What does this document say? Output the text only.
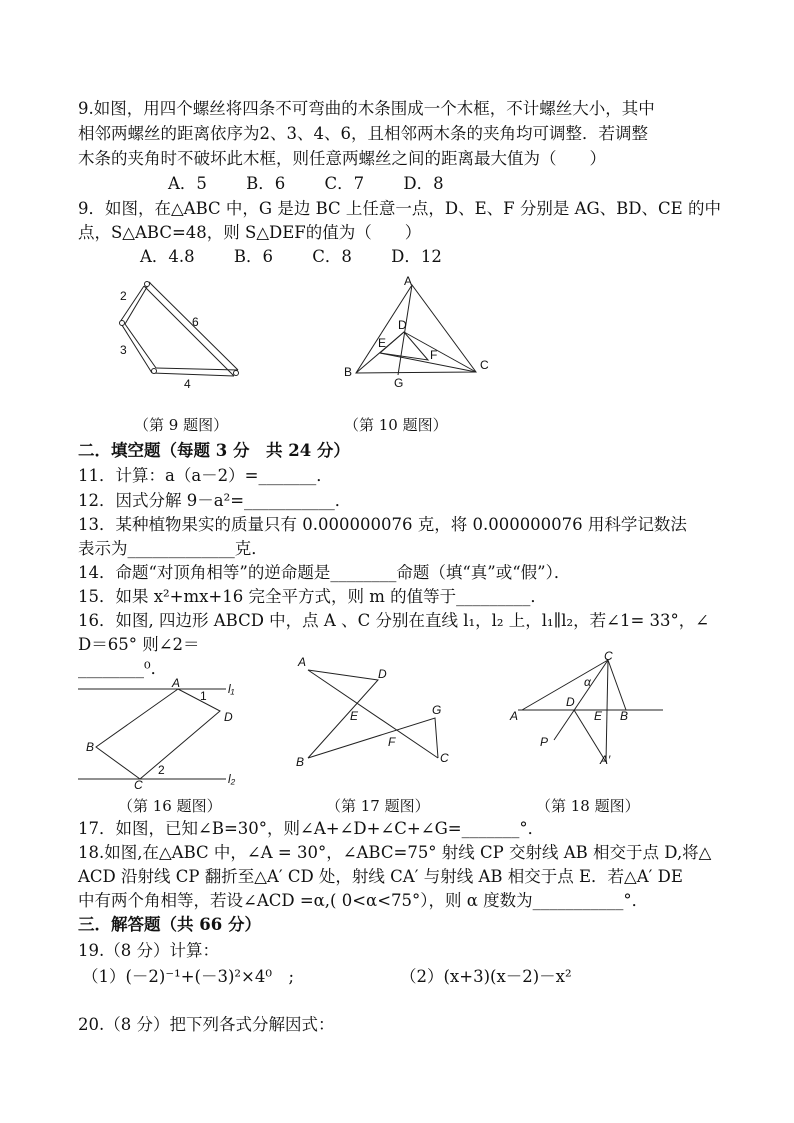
9.如图，用四个螺丝将四条不可弯曲的木条围成一个木框，不计螺丝大小，其中
相邻两螺丝的距离依序为2、3、4、6，且相邻两木条的夹角均可调整．若调整
木条的夹角时不破坏此木框，则任意两螺丝之间的距离最大值为（　　）
A．5 B．6 C．7 D．8
9．如图，在△ABC 中，G 是边 BC 上任意一点，D、E、F 分别是 AG、BD、CE 的中
点，S△ABC=48，则 S△DEF的值为（　　）
A．4.8 B．6 C．8 D．12
2
6
3
4
（第 9 题图）
A
D
E
F
B
G
C
（第 10 题图）
二．填空题（每题 3 分　共 24 分）
11．计算：a（a－2）=_______．
12．因式分解 9－a²=___________．
13．某种植物果实的质量只有 0.000000076 克，将 0.000000076 用科学记数法
表示为_____________克．
14．命题“对顶角相等”的逆命题是________命题（填“真”或“假”）．
15．如果 x²+mx+16 完全平方式，则 m 的值等于_________．
16．如图, 四边形 ABCD 中，点 A 、C 分别在直线 l₁，l₂ 上，l₁∥l₂，若∠1= 33°，∠
D＝65° 则∠2＝
________⁰．
A
1 l₁
D
B
C
2
l₂
（第 16 题图）
A
D
E	G
F
B	C
（第 17 题图）
C
α
D
E
A	B
P
A′
（第 18 题图）
17．如图，已知∠B=30°，则∠A+∠D+∠C+∠G=_______°．
18.如图,在△ABC 中，∠A = 30°，∠ABC=75° 射线 CP 交射线 AB 相交于点 D,将△
ACD 沿射线 CP 翻折至△A′ CD 处，射线 CA′ 与射线 AB 相交于点 E．若△A′ DE
中有两个角相等，若设∠ACD =α,( 0<α<75°），则 α 度数为___________°．
三．解答题（共 66 分）
19.（8 分）计算：
（1）(－2)⁻¹+(－3)²×4⁰　;	（2）(x+3)(x－2)－x²
20.（8 分）把下列各式分解因式：
